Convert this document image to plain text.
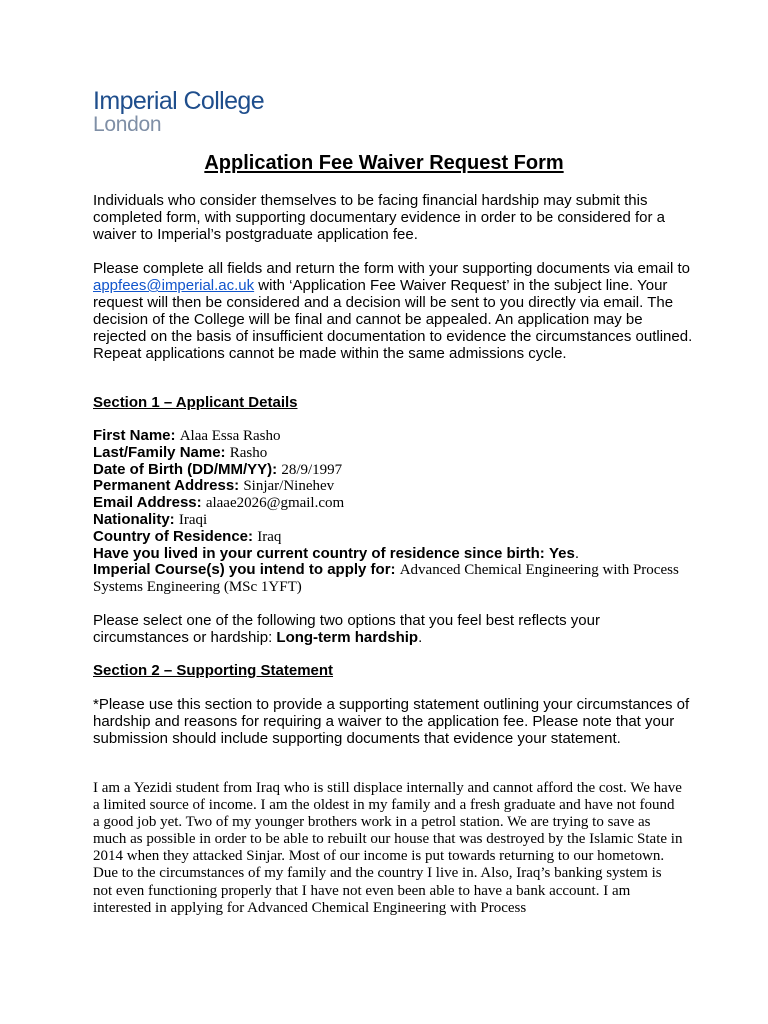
Imperial College
London
Application Fee Waiver Request Form
Individuals who consider themselves to be facing financial hardship may submit this completed form, with supporting documentary evidence in order to be considered for a waiver to Imperial’s postgraduate application fee.
Please complete all fields and return the form with your supporting documents via email to appfees@imperial.ac.uk with ‘Application Fee Waiver Request’ in the subject line. Your request will then be considered and a decision will be sent to you directly via email. The decision of the College will be final and cannot be appealed. An application may be rejected on the basis of insufficient documentation to evidence the circumstances outlined. Repeat applications cannot be made within the same admissions cycle.
Section 1 – Applicant Details
First Name: Alaa Essa Rasho
Last/Family Name: Rasho
Date of Birth (DD/MM/YY): 28/9/1997
Permanent Address: Sinjar/Ninehev
Email Address: alaae2026@gmail.com
Nationality: Iraqi
Country of Residence: Iraq
Have you lived in your current country of residence since birth: Yes.
Imperial Course(s) you intend to apply for: Advanced Chemical Engineering with Process Systems Engineering (MSc 1YFT)
Please select one of the following two options that you feel best reflects your circumstances or hardship: Long-term hardship.
Section 2 – Supporting Statement
*Please use this section to provide a supporting statement outlining your circumstances of hardship and reasons for requiring a waiver to the application fee. Please note that your submission should include supporting documents that evidence your statement.
I am a Yezidi student from Iraq who is still displace internally and cannot afford the cost. We have a limited source of income. I am the oldest in my family and a fresh graduate and have not found a good job yet. Two of my younger brothers work in a petrol station. We are trying to save as much as possible in order to be able to rebuilt our house that was destroyed by the Islamic State in 2014 when they attacked Sinjar. Most of our income is put towards returning to our hometown. Due to the circumstances of my family and the country I live in. Also, Iraq’s banking system is not even functioning properly that I have not even been able to have a bank account. I am interested in applying for Advanced Chemical Engineering with Process
